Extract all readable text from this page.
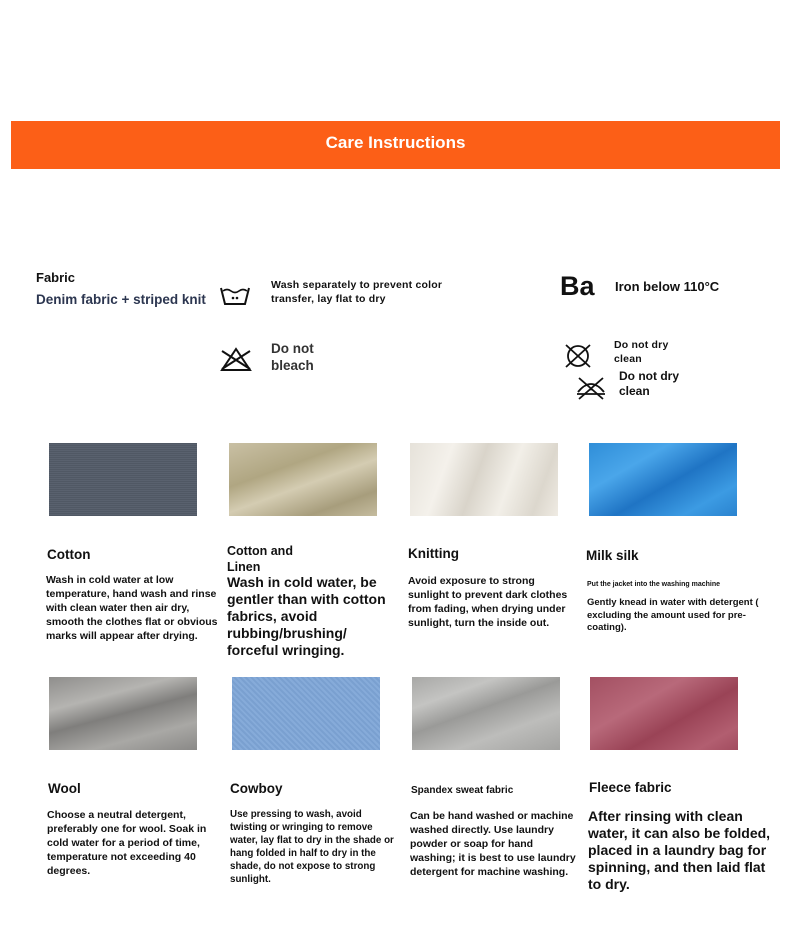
Care Instructions
Fabric
Denim fabric + striped knit
Wash separately to prevent color transfer, lay flat to dry
Do not bleach
Ba Iron below 110°C
Do not dry clean
Do not dry clean
Cotton	Cotton and Linen
Knitting	Milk silk
Wash in cold water at low temperature, hand wash and rinse with clean water then air dry, smooth the clothes flat or obvious marks will appear after drying.
Wash in cold water, be gentler than with cotton fabrics, avoid rubbing/brushing/ forceful wringing.
Avoid exposure to strong sunlight to prevent dark clothes from fading, when drying under sunlight, turn the inside out.
Put the jacket into the washing machine
Gently knead in water with detergent ( excluding the amount used for pre-coating).
Wool	Cowboy	Spandex sweat fabric	Fleece fabric
Choose a neutral detergent, preferably one for wool. Soak in cold water for a period of time, temperature not exceeding 40 degrees.
Use pressing to wash, avoid twisting or wringing to remove water, lay flat to dry in the shade or hang folded in half to dry in the shade, do not expose to strong sunlight.
Can be hand washed or machine washed directly. Use laundry powder or soap for hand washing; it is best to use laundry detergent for machine washing.
After rinsing with clean water, it can also be folded, placed in a laundry bag for spinning, and then laid flat to dry.
